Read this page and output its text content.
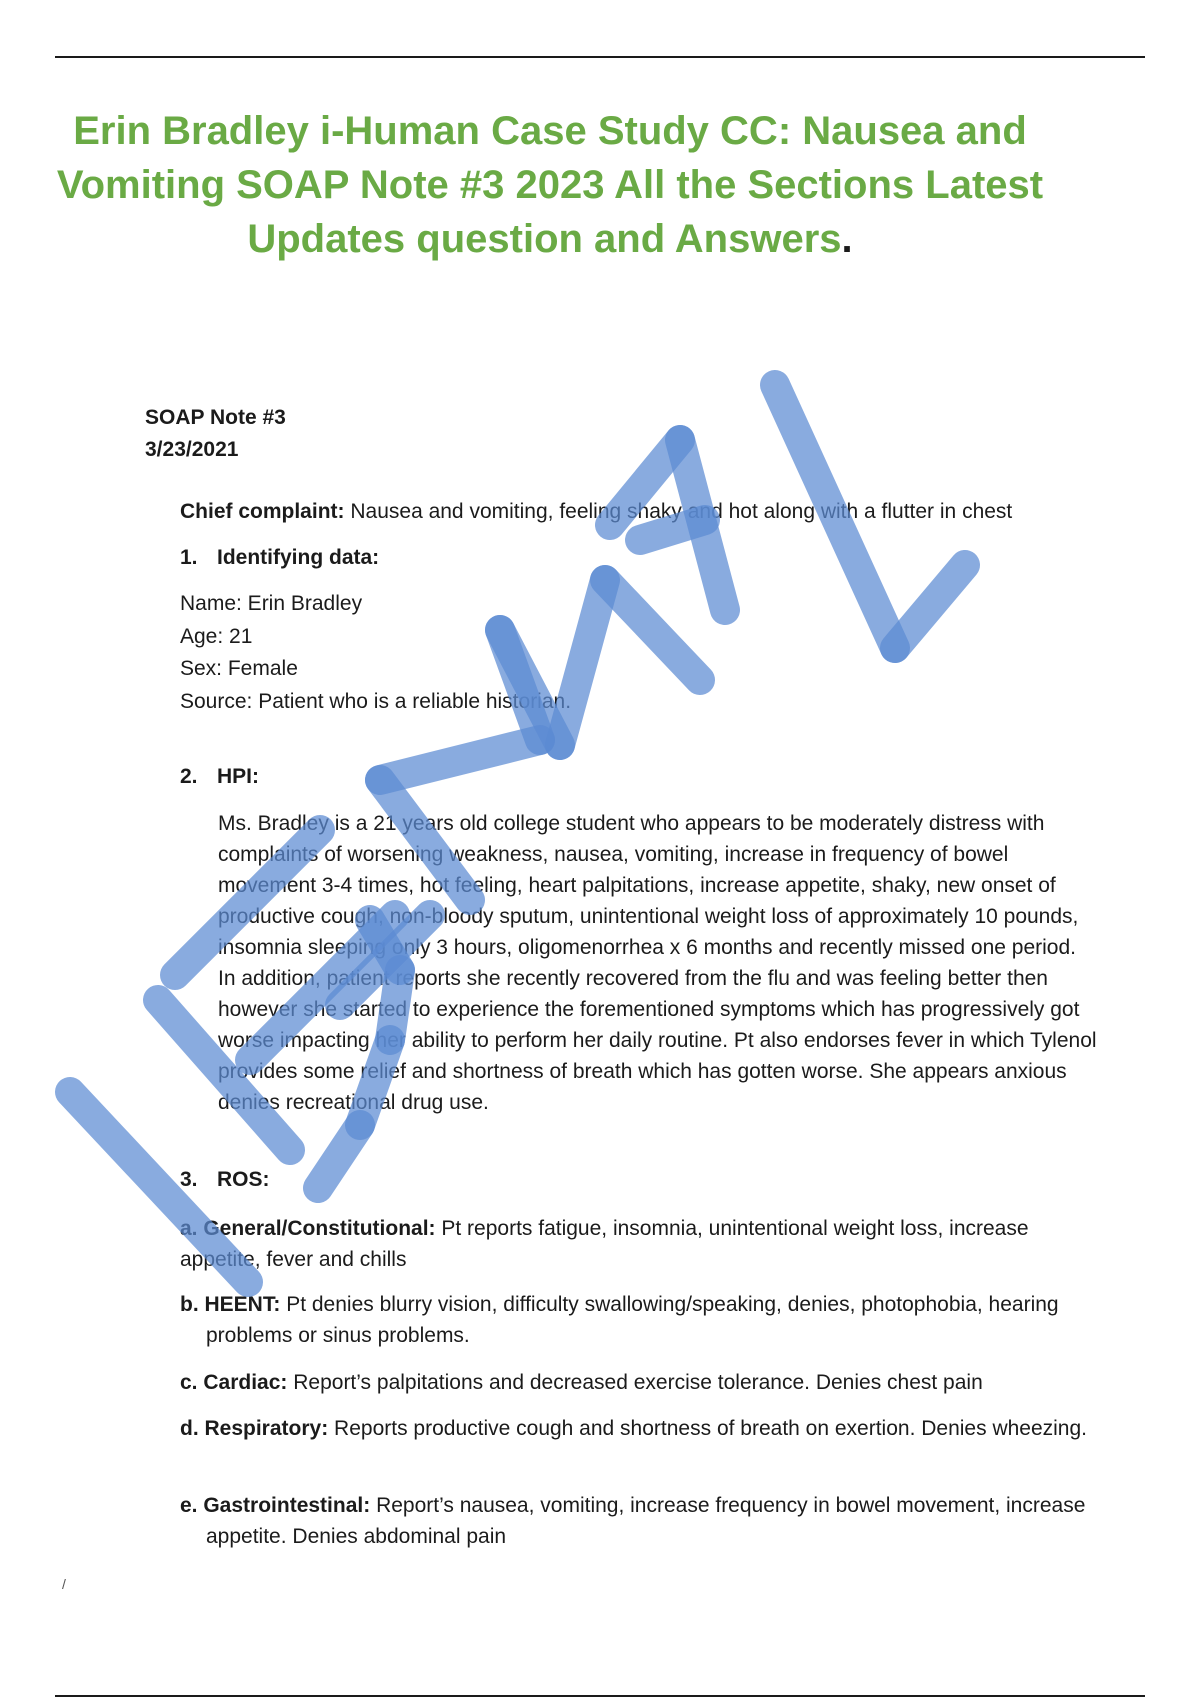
Erin Bradley i-Human Case Study CC: Nausea and Vomiting SOAP Note #3 2023 All the Sections Latest Updates question and Answers.
SOAP Note #3
3/23/2021
Chief complaint: Nausea and vomiting, feeling shaky and hot along with a flutter in chest
1. Identifying data:
Name: Erin Bradley
Age: 21
Sex: Female
Source: Patient who is a reliable historian.
2. HPI:

Ms. Bradley is a 21 years old college student who appears to be moderately distress with complaints of worsening weakness, nausea, vomiting, increase in frequency of bowel movement 3-4 times, hot feeling, heart palpitations, increase appetite, shaky, new onset of productive cough, non-bloody sputum, unintentional weight loss of approximately 10 pounds, insomnia sleeping only 3 hours, oligomenorrhea x 6 months and recently missed one period. In addition, patient reports she recently recovered from the flu and was feeling better then however she started to experience the forementioned symptoms which has progressively got worse impacting her ability to perform her daily routine. Pt also endorses fever in which Tylenol provides some relief and shortness of breath which has gotten worse. She appears anxious denies recreational drug use.

3. ROS:
a. General/Constitutional: Pt reports fatigue, insomnia, unintentional weight loss, increase appetite, fever and chills
b. HEENT: Pt denies blurry vision, difficulty swallowing/speaking, denies, photophobia, hearing problems or sinus problems.
c. Cardiac: Report’s palpitations and decreased exercise tolerance. Denies chest pain
d. Respiratory: Reports productive cough and shortness of breath on exertion. Denies wheezing.
e. Gastrointestinal: Report’s nausea, vomiting, increase frequency in bowel movement, increase appetite. Denies abdominal pain
/
I-HUMAN
